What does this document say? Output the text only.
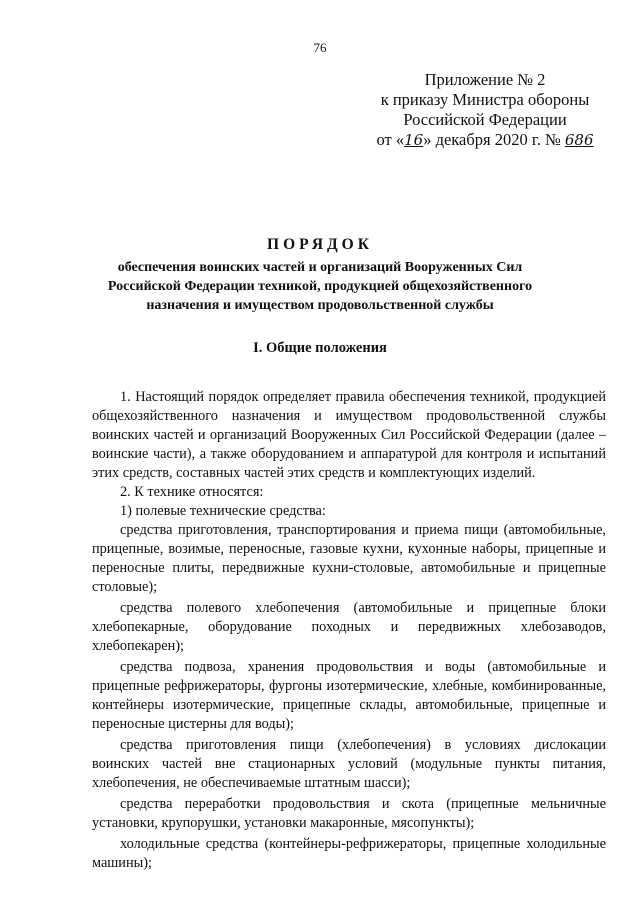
76
Приложение № 2
к приказу Министра обороны
Российской Федерации
от «16» декабря 2020 г. № 686
ПОРЯДОК
обеспечения воинских частей и организаций Вооруженных Сил Российской Федерации техникой, продукцией общехозяйственного назначения и имуществом продовольственной службы
I. Общие положения

1. Настоящий порядок определяет правила обеспечения техникой, продукцией общехозяйственного назначения и имуществом продовольственной службы воинских частей и организаций Вооруженных Сил Российской Федерации (далее – воинские части), а также оборудованием и аппаратурой для контроля и испытаний этих средств, составных частей этих средств и комплектующих изделий.

2. К технике относятся:

1) полевые технические средства:

средства приготовления, транспортирования и приема пищи (автомобильные, прицепные, возимые, переносные, газовые кухни, кухонные наборы, прицепные и переносные плиты, передвижные кухни-столовые, автомобильные и прицепные столовые);

средства полевого хлебопечения (автомобильные и прицепные блоки хлебопекарные, оборудование походных и передвижных хлебозаводов, хлебопекарен);

средства подвоза, хранения продовольствия и воды (автомобильные и прицепные рефрижераторы, фургоны изотермические, хлебные, комбинированные, контейнеры изотермические, прицепные склады, автомобильные, прицепные и переносные цистерны для воды);

средства приготовления пищи (хлебопечения) в условиях дислокации воинских частей вне стационарных условий (модульные пункты питания, хлебопечения, не обеспечиваемые штатным шасси);

средства переработки продовольствия и скота (прицепные мельничные установки, крупорушки, установки макаронные, мясопункты);

холодильные средства (контейнеры-рефрижераторы, прицепные холодильные машины);
